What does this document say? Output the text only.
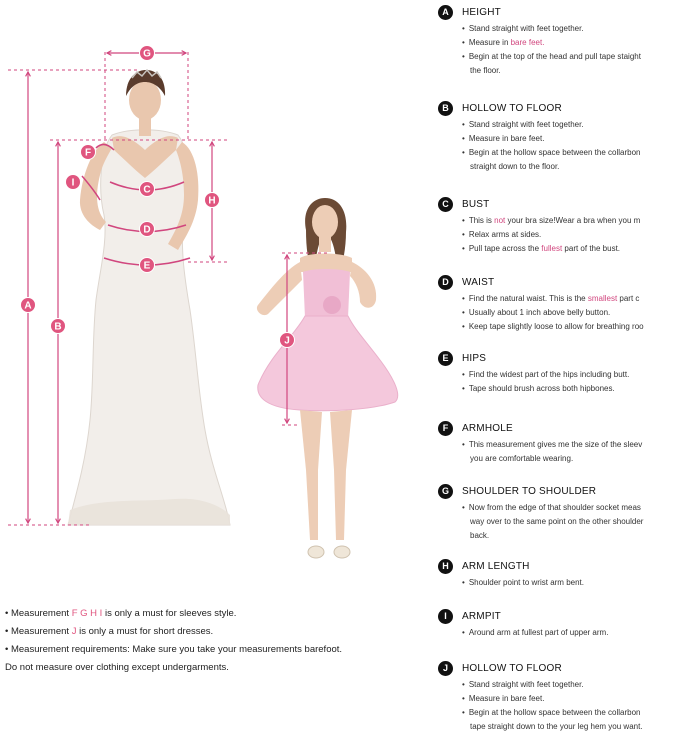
A
B
G
H
C
D
E
F
I
J
A	HEIGHT
• Stand straight with feet together.
• Measure in bare feet.
• Begin at the top of the head and pull tape staight
the floor.
B	HOLLOW TO FLOOR
• Stand straight with feet together.
• Measure in bare feet.
• Begin at the hollow space between the collarbon
straight down to the floor.
C	BUST
• This is not your bra size!Wear a bra when you m
• Relax arms at sides.
• Pull tape across the fullest part of the bust.
D	WAIST
• Find the natural waist. This is the smallest part c
• Usually about 1 inch above belly button.
• Keep tape slightly loose to allow for breathing roo
E	HIPS
• Find the widest part of the hips including butt.
• Tape should brush across both hipbones.
F	ARMHOLE
• This measurement gives me the size of the sleev
you are comfortable wearing.
G	SHOULDER TO SHOULDER
• Now from the edge of that shoulder socket meas
way over to the same point on the other shoulder
back.
H	ARM LENGTH
• Shoulder point to wrist arm bent.
I	ARMPIT
• Around arm at fullest part of upper arm.
J	HOLLOW TO FLOOR
• Stand straight with feet together.
• Measure in bare feet.
• Begin at the hollow space between the collarbon
tape straight down to the your leg hem you want.
• Measurement F G H I is only a must for sleeves style.
• Measurement J is only a must for short dresses.
• Measurement requirements: Make sure you take your measurements barefoot.
Do not measure over clothing except undergarments.
